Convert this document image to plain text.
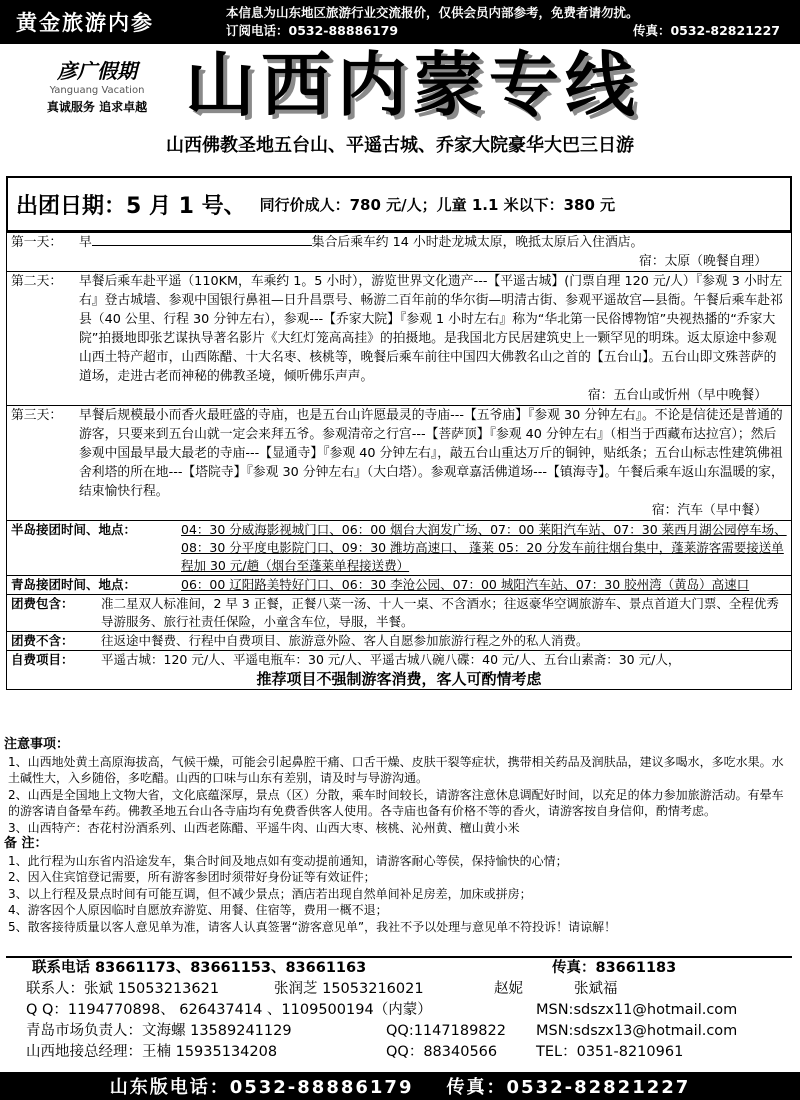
黄金旅游内参	本信息为山东地区旅游行业交流报价，仅供会员内部参考，免费者请勿扰。
订阅电话：0532-88886179	传真：0532-82821227
彦广假期
Yanguang Vacation
真诚服务 追求卓越 山西内蒙专线
山西佛教圣地五台山、平遥古城、乔家大院豪华大巴三日游
出团日期：5 月 1 号、 同行价成人：780 元/人；儿童 1.1 米以下：380 元
第一天：	早	集合后乘车约 14 小时赴龙城太原，晚抵太原后入住酒店。
宿：太原（晚餐自理）
第二天：	早餐后乘车赴平遥（110KM，车乘约 1。5 小时），游览世界文化遗产---【平遥古城】(门票自理 120 元/人）『参观 3 小时左右』登古城墙、参观中国银行鼻祖—日升昌票号、畅游二百年前的华尔街—明清古街、参观平遥故宫—县衙。午餐后乘车赴祁县（40 公里、行程 30 分钟左右），参观---【乔家大院】『参观 1 小时左右』称为“华北第一民俗博物馆”央视热播的“乔家大院”拍摄地即张艺谋执导著名影片《大红灯笼高高挂》的拍摄地。是我国北方民居建筑史上一颗罕见的明珠。返太原途中参观山西土特产超市，山西陈醋、十大名枣、核桃等，晚餐后乘车前往中国四大佛教名山之首的【五台山】。五台山即文殊菩萨的道场，走进古老而神秘的佛教圣境，倾听佛乐声声。
宿：五台山或忻州（早中晚餐）
第三天：	早餐后规模最小而香火最旺盛的寺庙，也是五台山许愿最灵的寺庙---【五爷庙】『参观 30 分钟左右』。不论是信徒还是普通的游客，只要来到五台山就一定会来拜五爷。参观清帝之行宫---【菩萨顶】『参观 40 分钟左右』（相当于西藏布达拉宫）；然后参观中国最早最大最老的寺庙---【显通寺】『参观 40 分钟左右』，敲五台山重达万斤的铜钟，贴纸条；五台山标志性建筑佛祖舍利塔的所在地---【塔院寺】『参观 30 分钟左右』（大白塔）。参观章嘉活佛道场---【镇海寺】。午餐后乘车返山东温暖的家，结束愉快行程。
宿：汽车（早中餐）
半岛接团时间、地点：	04：30 分威海影视城门口、06：00 烟台大润发广场、07：00 莱阳汽车站、07：30 莱西月湖公园停车场、08：30 分平度电影院门口、09：30 潍坊高速口、 蓬莱 05：20 分发车前往烟台集中，蓬莱游客需要接送单程加 30 元/趟（烟台至蓬莱单程接送费）
青岛接团时间、地点：	06：00 辽阳路美特好门口、06：30 李沧公园、07：00 城阳汽车站、07：30 胶州湾（黄岛）高速口
团费包含：	准二星双人标准间，2 早 3 正餐，正餐八菜一汤、十人一桌、不含酒水；往返豪华空调旅游车、景点首道大门票、全程优秀导游服务、旅行社责任保险，小童含车位，导服，半餐。
团费不含：	往返途中餐费、行程中自费项目、旅游意外险、客人自愿参加旅游行程之外的私人消费。
自费项目：	平遥古城：120 元/人、平遥电瓶车：30 元/人、平遥古城八碗八碟：40 元/人、五台山素斋：30 元/人，
推荐项目不强制游客消费，客人可酌情考虑
注意事项：
1、山西地处黄土高原海拔高，气候干燥，可能会引起鼻腔干痛、口舌干燥、皮肤干裂等症状，携带相关药品及润肤品，建议多喝水，多吃水果。水土碱性大，入乡随俗，多吃醋。山西的口味与山东有差别，请及时与导游沟通。
2、山西是全国地上文物大省，文化底蕴深厚，景点（区）分散，乘车时间较长，请游客注意休息调配好时间，以充足的体力参加旅游活动。有晕车的游客请自备晕车药。佛教圣地五台山各寺庙均有免费香供客人使用。各寺庙也备有价格不等的香火，请游客按自身信仰，酌情考虑。
3、山西特产：杏花村汾酒系列、山西老陈醋、平遥牛肉、山西大枣、核桃、沁州黄、檀山黄小米
备 注：
1、此行程为山东省内沿途发车，集合时间及地点如有变动提前通知，请游客耐心等侯，保持愉快的心情；
2、因入住宾馆登记需要，所有游客参团时须带好身份证等有效证件；
3、以上行程及景点时间有可能互调，但不减少景点；酒店若出现自然单间补足房差，加床或拼房；
4、游客因个人原因临时自愿放弃游览、用餐、住宿等，费用一概不退；
5、散客接待质量以客人意见单为准，请客人认真签署“游客意见单”，我社不予以处理与意见单不符投诉！请谅解！
联系电话 83661173、83661153、83661163	传真：83661183
联系人： 张斌 15053213621	张润芝 15053216021	赵妮	张斌福
Q Q：1194770898、 626437414 、1109500194（内蒙）	MSN:sdszx11@hotmail.com
青岛市场负责人：文海螺 13589241129	QQ:1147189822	MSN:sdszx13@hotmail.com
山西地接总经理：王楠 15935134208	QQ：88340566	TEL：0351-8210961
山东版电话：0532-88886179    传真：0532-82821227
